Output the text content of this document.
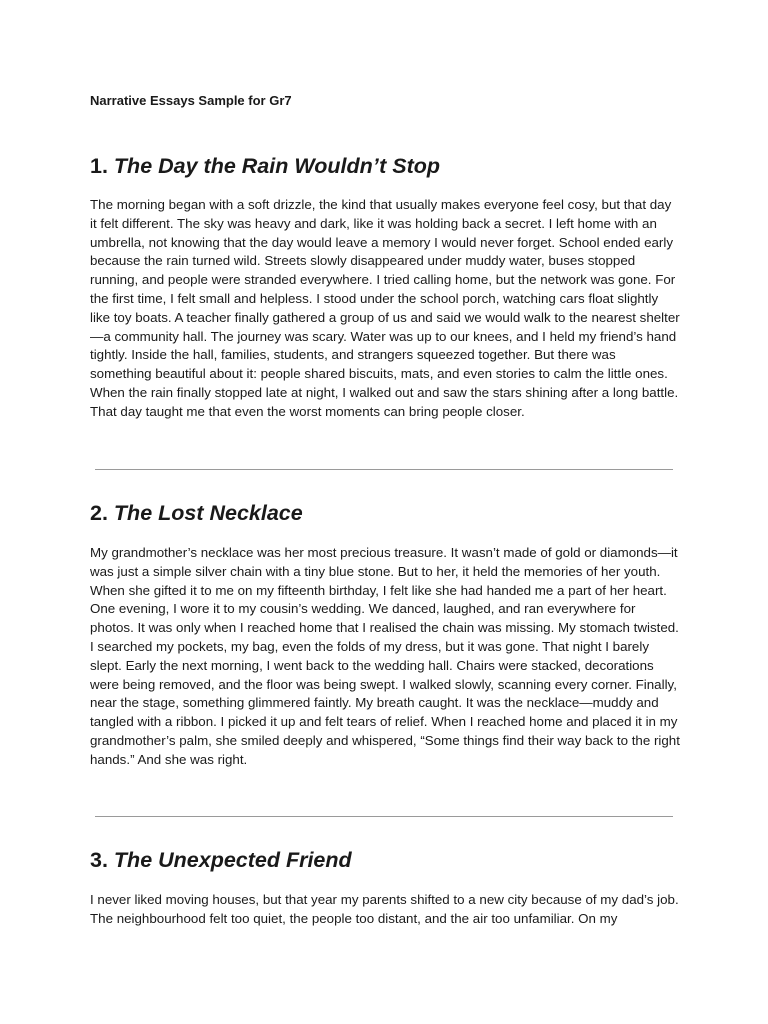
Narrative Essays Sample for Gr7
1. The Day the Rain Wouldn’t Stop
The morning began with a soft drizzle, the kind that usually makes everyone feel cosy, but that day it felt different. The sky was heavy and dark, like it was holding back a secret. I left home with an umbrella, not knowing that the day would leave a memory I would never forget. School ended early because the rain turned wild. Streets slowly disappeared under muddy water, buses stopped running, and people were stranded everywhere. I tried calling home, but the network was gone. For the first time, I felt small and helpless. I stood under the school porch, watching cars float slightly like toy boats. A teacher finally gathered a group of us and said we would walk to the nearest shelter—a community hall. The journey was scary. Water was up to our knees, and I held my friend’s hand tightly. Inside the hall, families, students, and strangers squeezed together. But there was something beautiful about it: people shared biscuits, mats, and even stories to calm the little ones. When the rain finally stopped late at night, I walked out and saw the stars shining after a long battle. That day taught me that even the worst moments can bring people closer.
2. The Lost Necklace
My grandmother’s necklace was her most precious treasure. It wasn’t made of gold or diamonds—it was just a simple silver chain with a tiny blue stone. But to her, it held the memories of her youth. When she gifted it to me on my fifteenth birthday, I felt like she had handed me a part of her heart. One evening, I wore it to my cousin’s wedding. We danced, laughed, and ran everywhere for photos. It was only when I reached home that I realised the chain was missing. My stomach twisted. I searched my pockets, my bag, even the folds of my dress, but it was gone. That night I barely slept. Early the next morning, I went back to the wedding hall. Chairs were stacked, decorations were being removed, and the floor was being swept. I walked slowly, scanning every corner. Finally, near the stage, something glimmered faintly. My breath caught. It was the necklace—muddy and tangled with a ribbon. I picked it up and felt tears of relief. When I reached home and placed it in my grandmother’s palm, she smiled deeply and whispered, “Some things find their way back to the right hands.” And she was right.
3. The Unexpected Friend
I never liked moving houses, but that year my parents shifted to a new city because of my dad’s job. The neighbourhood felt too quiet, the people too distant, and the air too unfamiliar. On my
